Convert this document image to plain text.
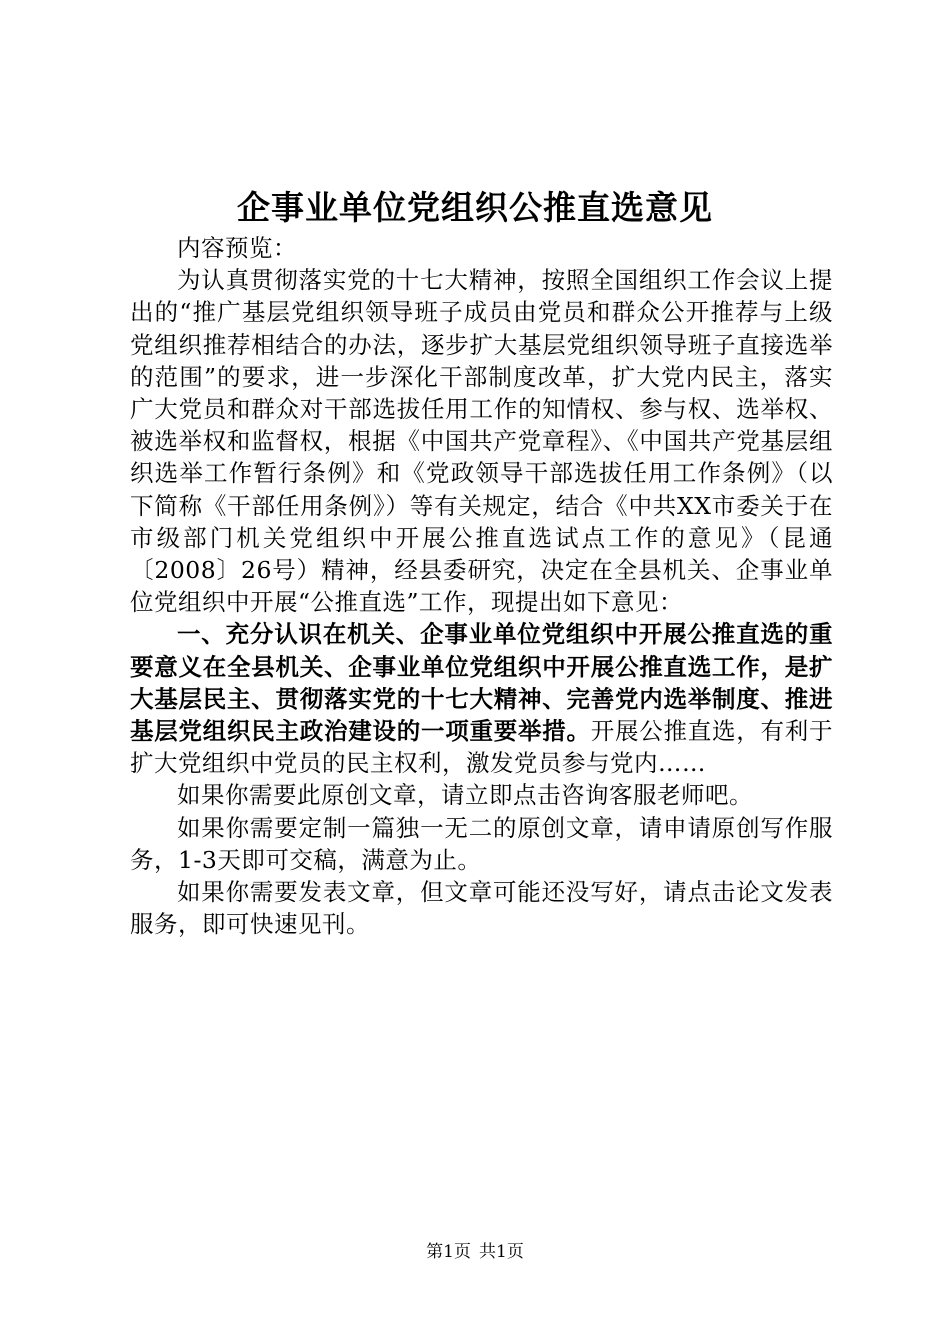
企事业单位党组织公推直选意见

内容预览：

为认真贯彻落实党的十七大精神，按照全国组织工作会议上提出的“推广基层党组织领导班子成员由党员和群众公开推荐与上级党组织推荐相结合的办法，逐步扩大基层党组织领导班子直接选举的范围”的要求，进一步深化干部制度改革，扩大党内民主，落实广大党员和群众对干部选拔任用工作的知情权、参与权、选举权、被选举权和监督权，根据《中国共产党章程》、《中国共产党基层组织选举工作暂行条例》和《党政领导干部选拔任用工作条例》（以下简称《干部任用条例》）等有关规定，结合《中共XX市委关于在市级部门机关党组织中开展公推直选试点工作的意见》（昆通〔2008〕26号）精神，经县委研究，决定在全县机关、企事业单位党组织中开展“公推直选”工作，现提出如下意见：

一、充分认识在机关、企事业单位党组织中开展公推直选的重要意义在全县机关、企事业单位党组织中开展公推直选工作，是扩大基层民主、贯彻落实党的十七大精神、完善党内选举制度、推进基层党组织民主政治建设的一项重要举措。开展公推直选，有利于扩大党组织中党员的民主权利，激发党员参与党内……

如果你需要此原创文章，请立即点击咨询客服老师吧。

如果你需要定制一篇独一无二的原创文章，请申请原创写作服务，1-3天即可交稿，满意为止。

如果你需要发表文章，但文章可能还没写好，请点击论文发表服务，即可快速见刊。

第1页 共1页
